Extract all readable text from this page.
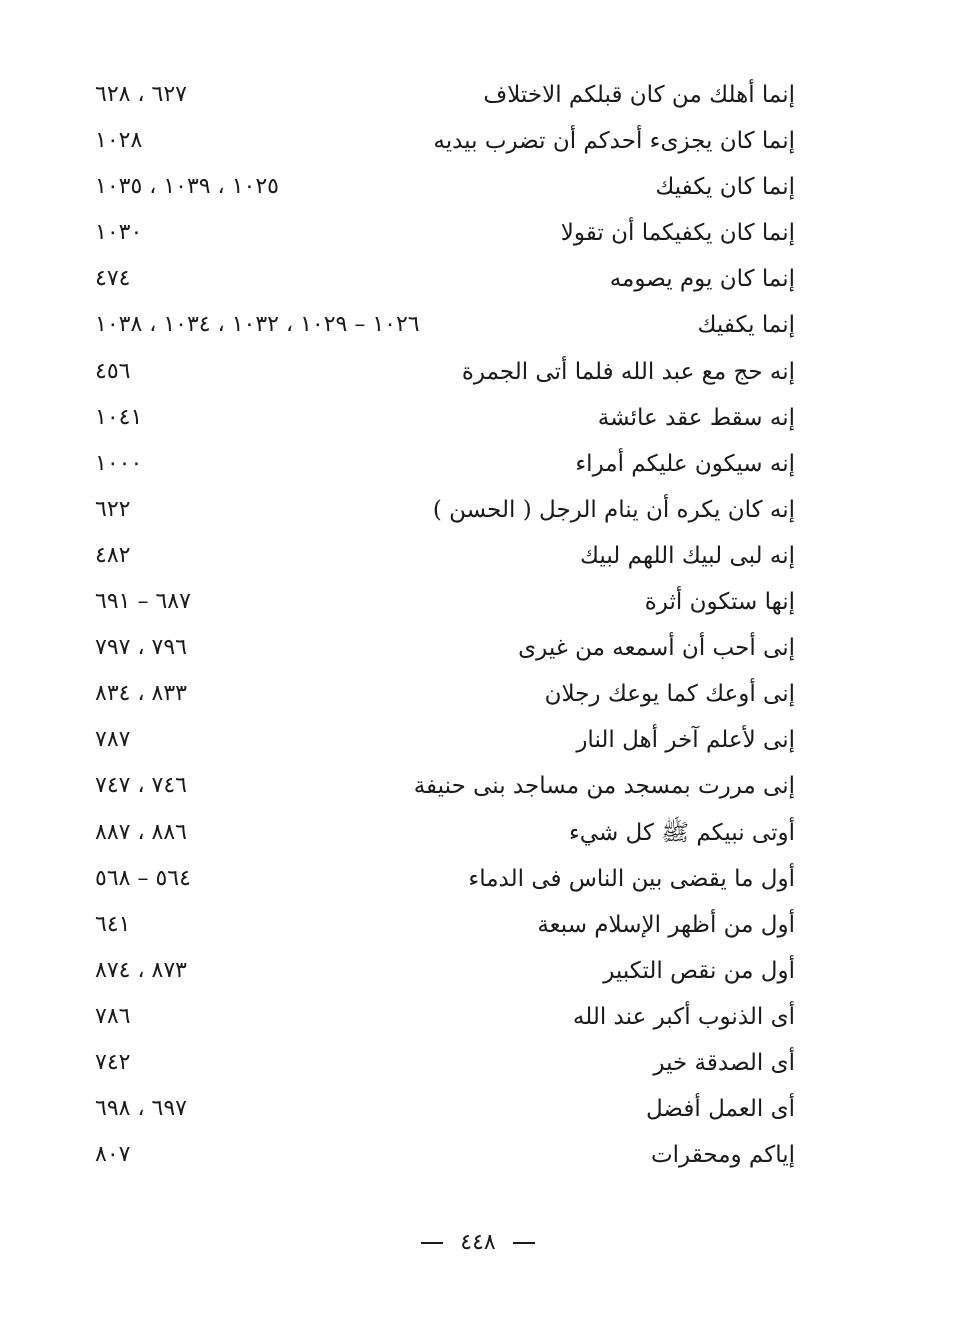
إنما أهلك من كان قبلكم الاختلاف
٦٢٧ ، ٦٢٨
إنما كان يجزىء أحدكم أن تضرب بيديه
١٠٢٨
إنما كان يكفيك
١٠٢٥ ، ١٠٣٩ ، ١٠٣٥
إنما كان يكفيكما أن تقولا
١٠٣٠
إنما كان يوم يصومه
٤٧٤
إنما يكفيك
١٠٢٦ – ١٠٢٩ ، ١٠٣٢ ، ١٠٣٤ ، ١٠٣٨
إنه حج مع عبد الله فلما أتى الجمرة
٤٥٦
إنه سقط عقد عائشة
١٠٤١
إنه سيكون عليكم أمراء
١٠٠٠
إنه كان يكره أن ينام الرجل ( الحسن )
٦٢٢
إنه لبى لبيك اللهم لبيك
٤٨٢
إنها ستكون أثرة
٦٨٧ – ٦٩١
إنى أحب أن أسمعه من غيرى
٧٩٦ ، ٧٩٧
إنى أوعك كما يوعك رجلان
٨٣٣ ، ٨٣٤
إنى لأعلم آخر أهل النار
٧٨٧
إنى مررت بمسجد من مساجد بنى حنيفة
٧٤٦ ، ٧٤٧
أوتى نبيكم ﷺ كل شيء
٨٨٦ ، ٨٨٧
أول ما يقضى بين الناس فى الدماء
٥٦٤ – ٥٦٨
أول من أظهر الإسلام سبعة
٦٤١
أول من نقص التكبير
٨٧٣ ، ٨٧٤
أى الذنوب أكبر عند الله
٧٨٦
أى الصدقة خير
٧٤٢
أى العمل أفضل
٦٩٧ ، ٦٩٨
إياكم ومحقرات
٨٠٧
٤٤٨
